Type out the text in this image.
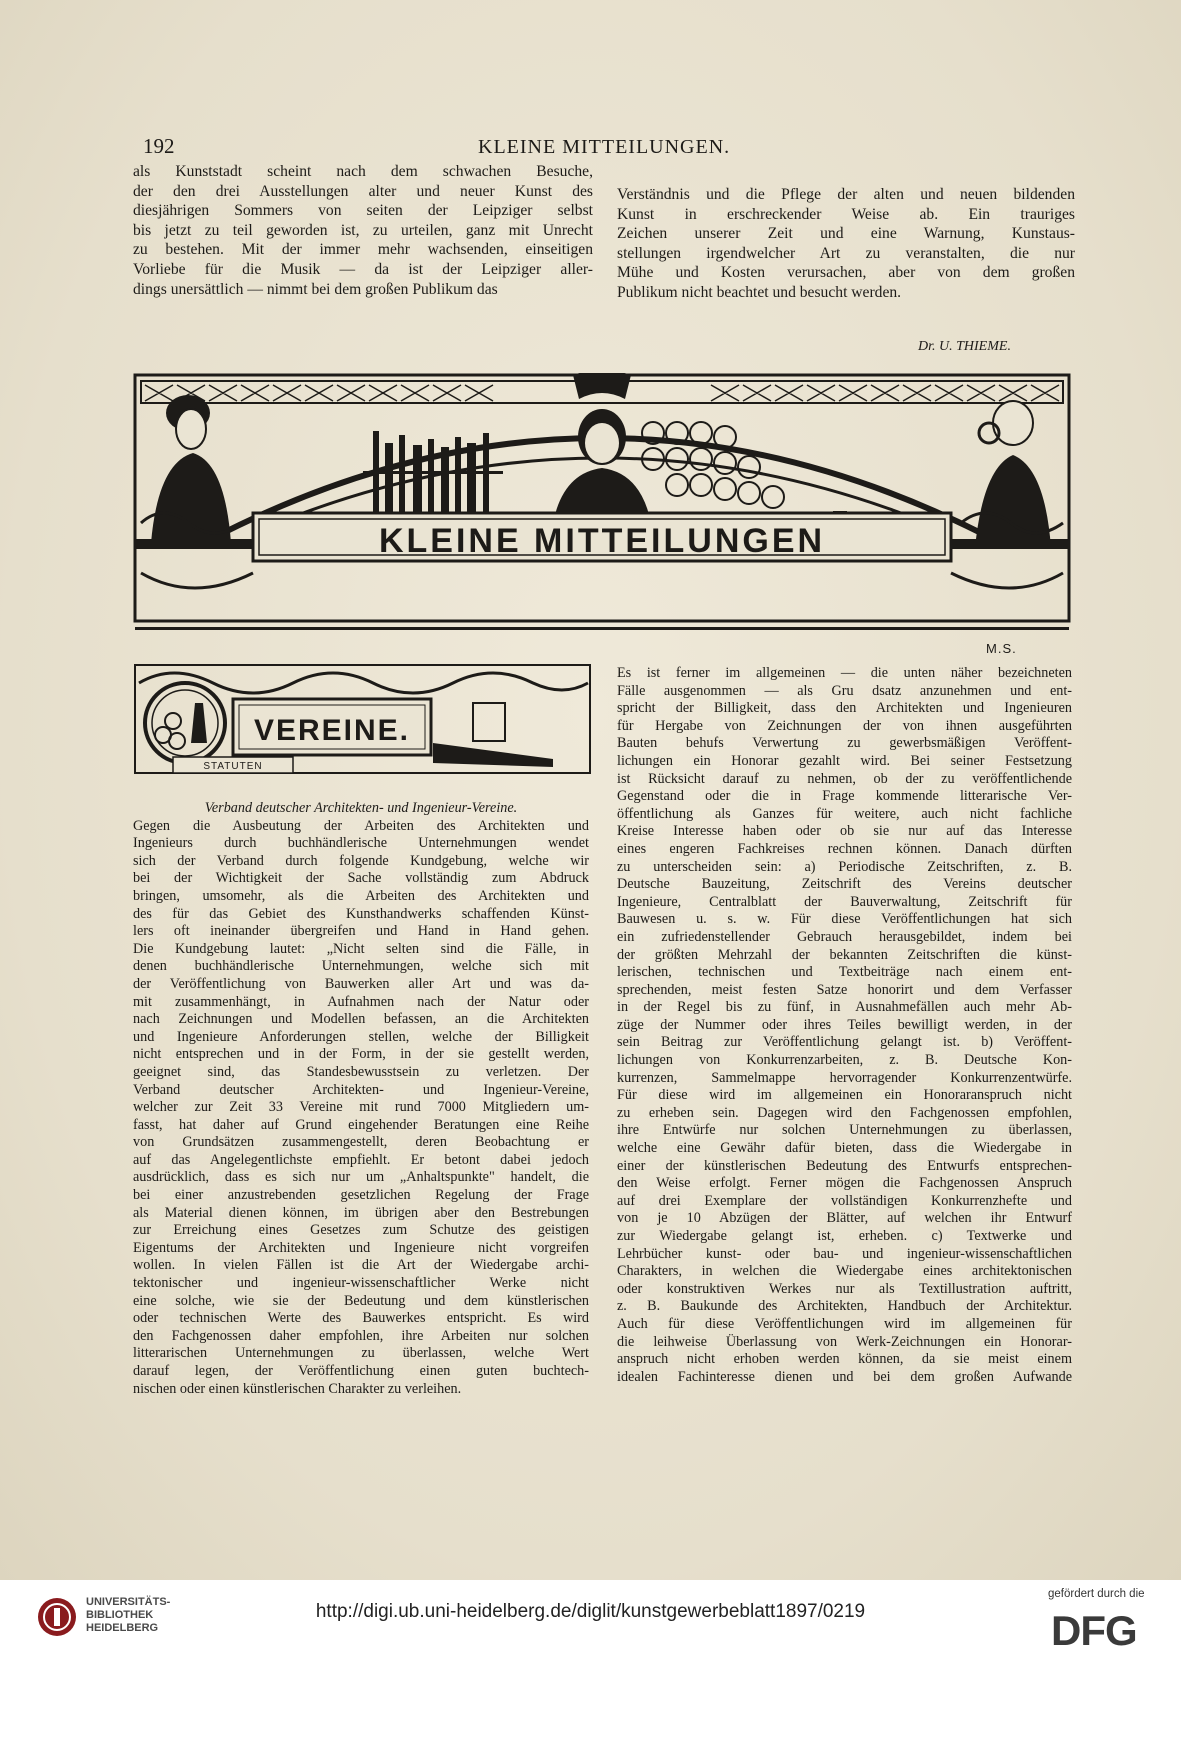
192	KLEINE MITTEILUNGEN.

als Kunststadt scheint nach dem schwachen Besuche,

der den drei Ausstellungen alter und neuer Kunst des

diesjährigen Sommers von seiten der Leipziger selbst

bis jetzt zu teil geworden ist, zu urteilen, ganz mit Unrecht

zu bestehen. Mit der immer mehr wachsenden, einseitigen

Vorliebe für die Musik — da ist der Leipziger aller-

dings unersättlich — nimmt bei dem großen Publikum das

Verständnis und die Pflege der alten und neuen bildenden

Kunst in erschreckender Weise ab. Ein trauriges

Zeichen unserer Zeit und eine Warnung, Kunstaus-

stellungen irgendwelcher Art zu veranstalten, die nur

Mühe und Kosten verursachen, aber von dem großen

Publikum nicht beachtet und besucht werden.

Dr. U. THIEME.
KLEINE MITTEILUNGEN
M.S.
VEREINE.
STATUTEN

Verband deutscher Architekten- und Ingenieur-Vereine.

Gegen die Ausbeutung der Arbeiten des Architekten und

Ingenieurs durch buchhändlerische Unternehmungen wendet

sich der Verband durch folgende Kundgebung, welche wir

bei der Wichtigkeit der Sache vollständig zum Abdruck

bringen, umsomehr, als die Arbeiten des Architekten und

des für das Gebiet des Kunsthandwerks schaffenden Künst-

lers oft ineinander übergreifen und Hand in Hand gehen.

Die Kundgebung lautet: „Nicht selten sind die Fälle, in

denen buchhändlerische Unternehmungen, welche sich mit

der Veröffentlichung von Bauwerken aller Art und was da-

mit zusammenhängt, in Aufnahmen nach der Natur oder

nach Zeichnungen und Modellen befassen, an die Architekten

und Ingenieure Anforderungen stellen, welche der Billigkeit

nicht entsprechen und in der Form, in der sie gestellt werden,

geeignet sind, das Standesbewusstsein zu verletzen. Der

Verband deutscher Architekten- und Ingenieur-Vereine,

welcher zur Zeit 33 Vereine mit rund 7000 Mitgliedern um-

fasst, hat daher auf Grund eingehender Beratungen eine Reihe

von Grundsätzen zusammengestellt, deren Beobachtung er

auf das Angelegentlichste empfiehlt. Er betont dabei jedoch

ausdrücklich, dass es sich nur um „Anhaltspunkte" handelt, die

bei einer anzustrebenden gesetzlichen Regelung der Frage

als Material dienen können, im übrigen aber den Bestrebungen

zur Erreichung eines Gesetzes zum Schutze des geistigen

Eigentums der Architekten und Ingenieure nicht vorgreifen

wollen. In vielen Fällen ist die Art der Wiedergabe archi-

tektonischer und ingenieur-wissenschaftlicher Werke nicht

eine solche, wie sie der Bedeutung und dem künstlerischen

oder technischen Werte des Bauwerkes entspricht. Es wird

den Fachgenossen daher empfohlen, ihre Arbeiten nur solchen

litterarischen Unternehmungen zu überlassen, welche Wert

darauf legen, der Veröffentlichung einen guten buchtech-

nischen oder einen künstlerischen Charakter zu verleihen.

Es ist ferner im allgemeinen — die unten näher bezeichneten

Fälle ausgenommen — als Gru dsatz anzunehmen und ent-

spricht der Billigkeit, dass den Architekten und Ingenieuren

für Hergabe von Zeichnungen der von ihnen ausgeführten

Bauten behufs Verwertung zu gewerbsmäßigen Veröffent-

lichungen ein Honorar gezahlt wird. Bei seiner Festsetzung

ist Rücksicht darauf zu nehmen, ob der zu veröffentlichende

Gegenstand oder die in Frage kommende litterarische Ver-

öffentlichung als Ganzes für weitere, auch nicht fachliche

Kreise Interesse haben oder ob sie nur auf das Interesse

eines engeren Fachkreises rechnen können. Danach dürften

zu unterscheiden sein: a) Periodische Zeitschriften, z. B.

Deutsche Bauzeitung, Zeitschrift des Vereins deutscher

Ingenieure, Centralblatt der Bauverwaltung, Zeitschrift für

Bauwesen u. s. w. Für diese Veröffentlichungen hat sich

ein zufriedenstellender Gebrauch herausgebildet, indem bei

der größten Mehrzahl der bekannten Zeitschriften die künst-

lerischen, technischen und Textbeiträge nach einem ent-

sprechenden, meist festen Satze honorirt und dem Verfasser

in der Regel bis zu fünf, in Ausnahmefällen auch mehr Ab-

züge der Nummer oder ihres Teiles bewilligt werden, in der

sein Beitrag zur Veröffentlichung gelangt ist. b) Veröffent-

lichungen von Konkurrenzarbeiten, z. B. Deutsche Kon-

kurrenzen, Sammelmappe hervorragender Konkurrenzentwürfe.

Für diese wird im allgemeinen ein Honoraranspruch nicht

zu erheben sein. Dagegen wird den Fachgenossen empfohlen,

ihre Entwürfe nur solchen Unternehmungen zu überlassen,

welche eine Gewähr dafür bieten, dass die Wiedergabe in

einer der künstlerischen Bedeutung des Entwurfs entsprechen-

den Weise erfolgt. Ferner mögen die Fachgenossen Anspruch

auf drei Exemplare der vollständigen Konkurrenzhefte und

von je 10 Abzügen der Blätter, auf welchen ihr Entwurf

zur Wiedergabe gelangt ist, erheben. c) Textwerke und

Lehrbücher kunst- oder bau- und ingenieur-wissenschaftlichen

Charakters, in welchen die Wiedergabe eines architektonischen

oder konstruktiven Werkes nur als Textillustration auftritt,

z. B. Baukunde des Architekten, Handbuch der Architektur.

Auch für diese Veröffentlichungen wird im allgemeinen für

die leihweise Überlassung von Werk-Zeichnungen ein Honorar-

anspruch nicht erhoben werden können, da sie meist einem

idealen Fachinteresse dienen und bei dem großen Aufwande

UNIVERSITÄTS-
BIBLIOTHEK
HEIDELBERG
http://digi.ub.uni-heidelberg.de/diglit/kunstgewerbeblatt1897/0219
gefördert durch die
DFG
